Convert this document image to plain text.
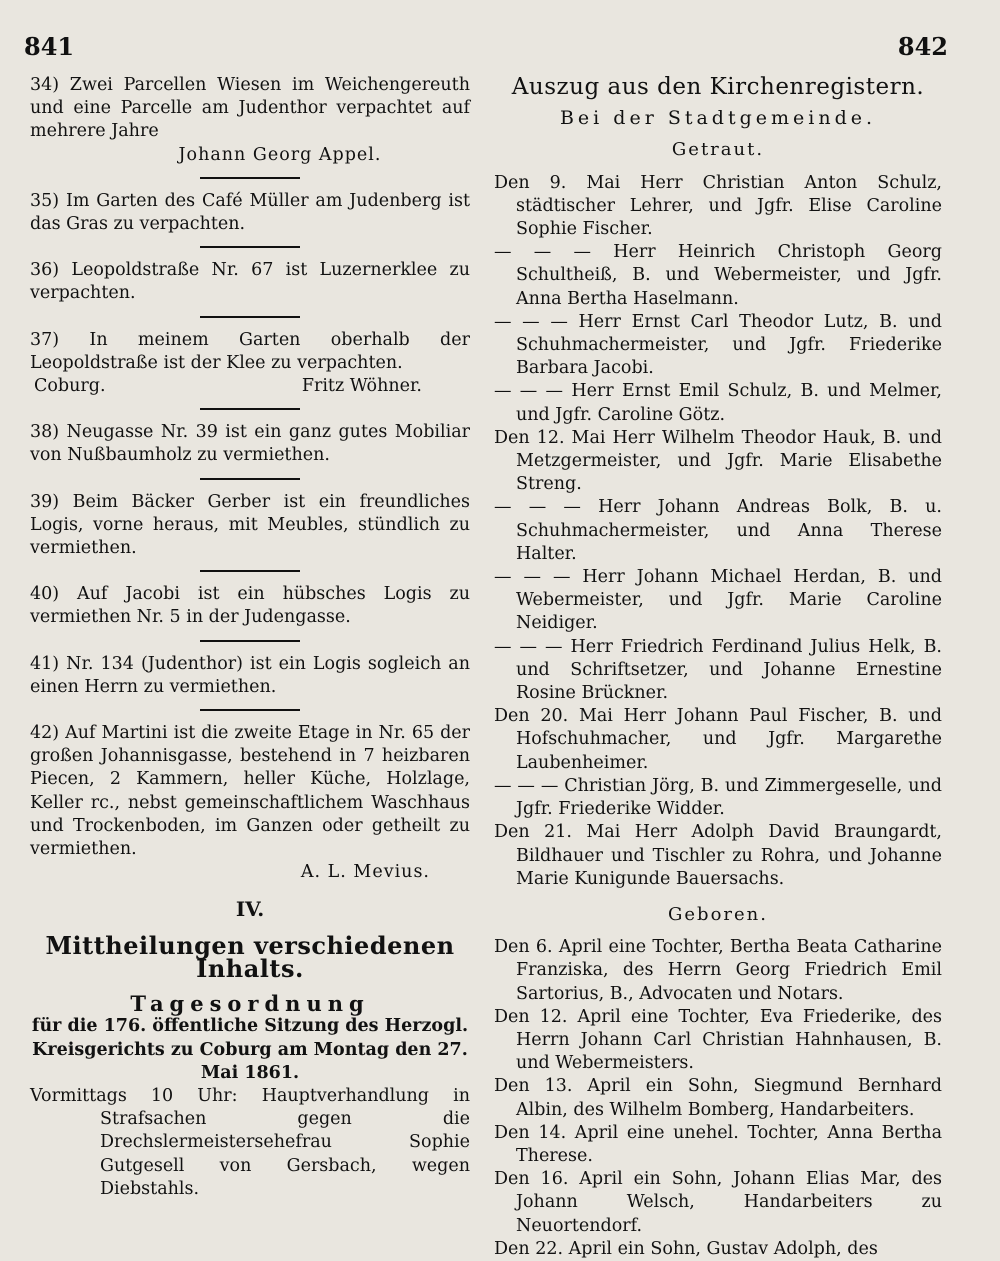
841	842

34) Zwei Parcellen Wiesen im Weichengereuth und eine Parcelle am Judenthor verpachtet auf mehrere Jahre

Johann Georg Appel.

35) Im Garten des Café Müller am Judenberg ist das Gras zu verpachten.

36) Leopoldstraße Nr. 67 ist Luzernerklee zu verpachten.

37) In meinem Garten oberhalb der Leopoldstraße ist der Klee zu verpachten.

Coburg.	Fritz Wöhner.

38) Neugasse Nr. 39 ist ein ganz gutes Mobiliar von Nußbaumholz zu vermiethen.

39) Beim Bäcker Gerber ist ein freundliches Logis, vorne heraus, mit Meubles, stündlich zu vermiethen.

40) Auf Jacobi ist ein hübsches Logis zu vermiethen Nr. 5 in der Judengasse.

41) Nr. 134 (Judenthor) ist ein Logis sogleich an einen Herrn zu vermiethen.

42) Auf Martini ist die zweite Etage in Nr. 65 der großen Johannisgasse, bestehend in 7 heizbaren Piecen, 2 Kammern, heller Küche, Holzlage, Keller rc., nebst gemeinschaftlichem Waschhaus und Trockenboden, im Ganzen oder getheilt zu vermiethen.

A. L. Mevius.
IV.
Mittheilungen verschiedenen Inhalts.
Tagesordnung
für die 176. öffentliche Sitzung des Herzogl. Kreisgerichts zu Coburg am Montag den 27. Mai 1861.
Vormittags 10 Uhr: Hauptverhandlung in Strafsachen gegen die Drechslermeistersehefrau Sophie Gutgesell von Gersbach, wegen Diebstahls.
Auszug aus den Kirchenregistern.
Bei der Stadtgemeinde.
Getraut.

Den 9. Mai Herr Christian Anton Schulz, städtischer Lehrer, und Jgfr. Elise Caroline Sophie Fischer.

— — — Herr Heinrich Christoph Georg Schultheiß, B. und Webermeister, und Jgfr. Anna Bertha Haselmann.

— — — Herr Ernst Carl Theodor Lutz, B. und Schuhmachermeister, und Jgfr. Friederike Barbara Jacobi.

— — — Herr Ernst Emil Schulz, B. und Melmer, und Jgfr. Caroline Götz.

Den 12. Mai Herr Wilhelm Theodor Hauk, B. und Metzgermeister, und Jgfr. Marie Elisabethe Streng.

— — — Herr Johann Andreas Bolk, B. u. Schuhmachermeister, und Anna Therese Halter.

— — — Herr Johann Michael Herdan, B. und Webermeister, und Jgfr. Marie Caroline Neidiger.

— — — Herr Friedrich Ferdinand Julius Helk, B. und Schriftsetzer, und Johanne Ernestine Rosine Brückner.

Den 20. Mai Herr Johann Paul Fischer, B. und Hofschuhmacher, und Jgfr. Margarethe Laubenheimer.

— — — Christian Jörg, B. und Zimmergeselle, und Jgfr. Friederike Widder.

Den 21. Mai Herr Adolph David Braungardt, Bildhauer und Tischler zu Rohra, und Johanne Marie Kunigunde Bauersachs.

Geboren.

Den 6. April eine Tochter, Bertha Beata Catharine Franziska, des Herrn Georg Friedrich Emil Sartorius, B., Advocaten und Notars.

Den 12. April eine Tochter, Eva Friederike, des Herrn Johann Carl Christian Hahnhausen, B. und Webermeisters.

Den 13. April ein Sohn, Siegmund Bernhard Albin, des Wilhelm Bomberg, Handarbeiters.

Den 14. April eine unehel. Tochter, Anna Bertha Therese.

Den 16. April ein Sohn, Johann Elias Mar, des Johann Welsch, Handarbeiters zu Neuortendorf.

Den 22. April ein Sohn, Gustav Adolph, des
